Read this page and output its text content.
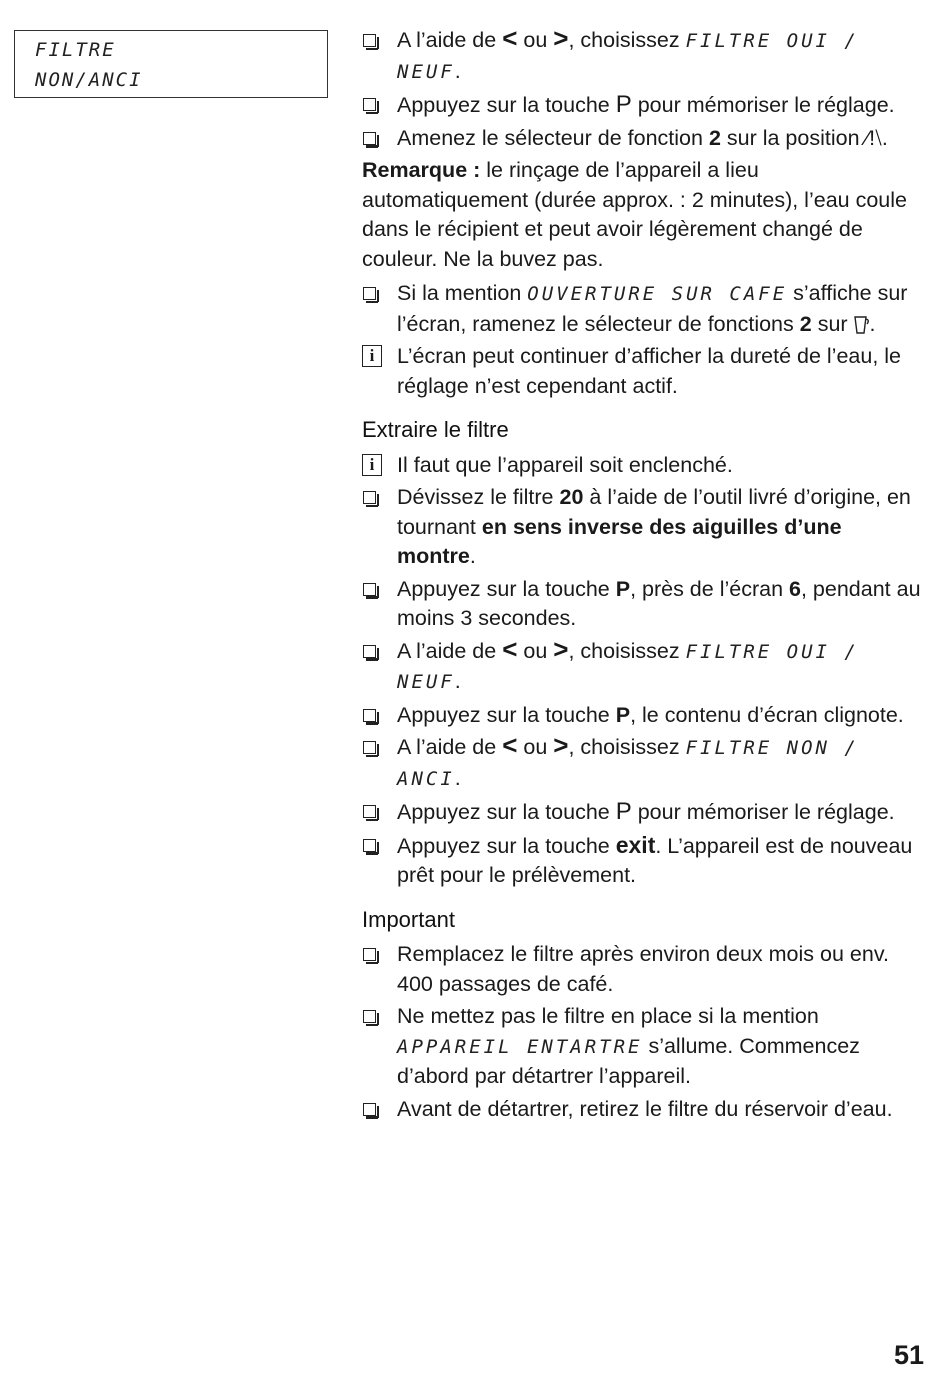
FILTRE
NON/ANCI
A l’aide de < ou >, choisissez FILTRE OUI / NEUF.
Appuyez sur la touche P pour mémoriser le réglage.
Amenez le sélecteur de fonction 2 sur la position ⁄!⧵.

Remarque : le rinçage de l’appareil a lieu automatiquement (durée approx. : 2 minutes), l’eau coule dans le récipient et peut avoir légèrement changé de couleur. Ne la buvez pas.

Si la mention OUVERTURE SUR CAFE s’affiche sur l’écran, ramenez le sélecteur de fonctions 2 sur .
i	L’écran peut continuer d’afficher la dureté de l’eau, le réglage n’est cependant actif.
Extraire le filtre
i	Il faut que l’appareil soit enclenché.
Dévissez le filtre 20 à l’aide de l’outil livré d’origine, en tournant en sens inverse des aiguilles d’une montre.
Appuyez sur la touche P, près de l’écran 6, pendant au moins 3 secondes.
A l’aide de < ou >, choisissez FILTRE OUI / NEUF.
Appuyez sur la touche P, le contenu d’écran clignote.
A l’aide de < ou >, choisissez FILTRE NON / ANCI.
Appuyez sur la touche P pour mémoriser le réglage.
Appuyez sur la touche exit. L’appareil est de nouveau prêt pour le prélèvement.
Important
Remplacez le filtre après environ deux mois ou env. 400 passages de café.
Ne mettez pas le filtre en place si la mention APPAREIL ENTARTRE s’allume. Commencez d’abord par détartrer l’appareil.
Avant de détartrer, retirez le filtre du réservoir d’eau.
51
